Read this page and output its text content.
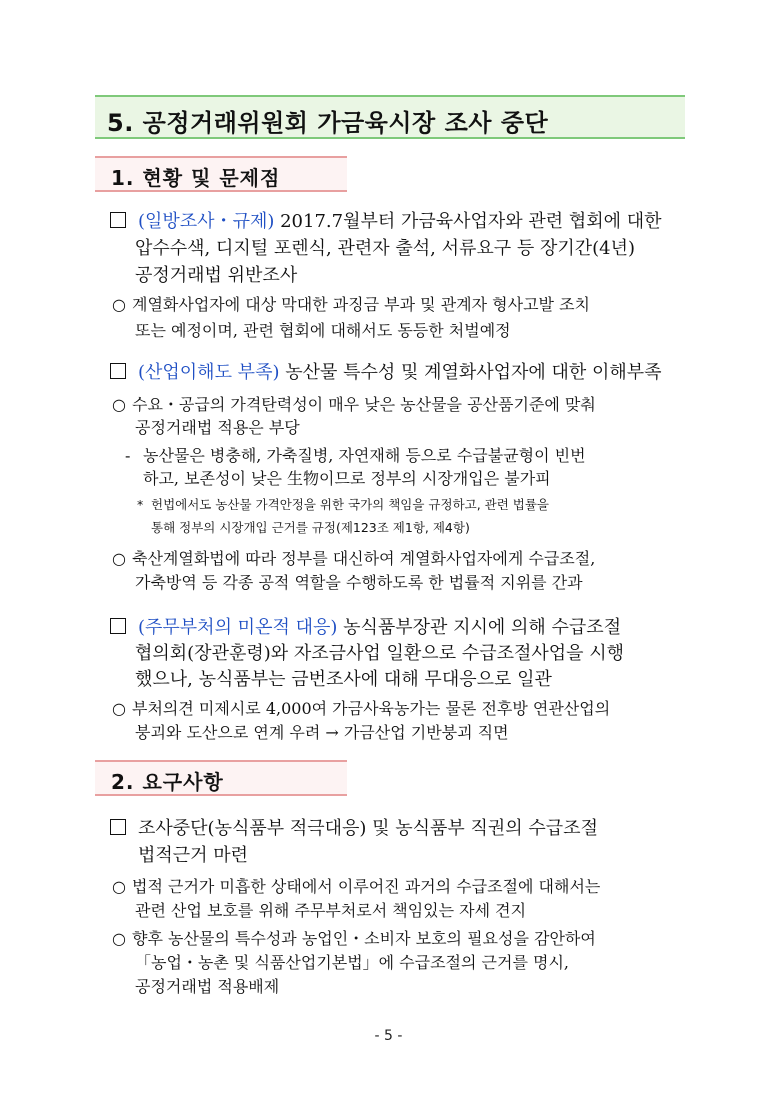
5. 공정거래위원회 가금육시장 조사 중단
1. 현황 및 문제점
(일방조사・규제) 2017.7월부터 가금육사업자와 관련 협회에 대한
압수수색, 디지털 포렌식, 관련자 출석, 서류요구 등 장기간(4년)
공정거래법 위반조사
○ 계열화사업자에 대상 막대한 과징금 부과 및 관계자 형사고발 조치
또는 예정이며, 관련 협회에 대해서도 동등한 처벌예정
(산업이해도 부족) 농산물 특수성 및 계열화사업자에 대한 이해부족
○ 수요・공급의 가격탄력성이 매우 낮은 농산물을 공산품기준에 맞춰
공정거래법 적용은 부당
- 농산물은 병충해, 가축질병, 자연재해 등으로 수급불균형이 빈번
하고, 보존성이 낮은 生物이므로 정부의 시장개입은 불가피
* 헌법에서도 농산물 가격안정을 위한 국가의 책임을 규정하고, 관련 법률을
통해 정부의 시장개입 근거를 규정(제123조 제1항, 제4항)
○ 축산계열화법에 따라 정부를 대신하여 계열화사업자에게 수급조절,
가축방역 등 각종 공적 역할을 수행하도록 한 법률적 지위를 간과
(주무부처의 미온적 대응) 농식품부장관 지시에 의해 수급조절
협의회(장관훈령)와 자조금사업 일환으로 수급조절사업을 시행
했으나, 농식품부는 금번조사에 대해 무대응으로 일관
○ 부처의견 미제시로 4,000여 가금사육농가는 물론 전후방 연관산업의
붕괴와 도산으로 연계 우려 → 가금산업 기반붕괴 직면
2. 요구사항
조사중단(농식품부 적극대응) 및 농식품부 직권의 수급조절
법적근거 마련
○ 법적 근거가 미흡한 상태에서 이루어진 과거의 수급조절에 대해서는
관련 산업 보호를 위해 주무부처로서 책임있는 자세 견지
○ 향후 농산물의 특수성과 농업인・소비자 보호의 필요성을 감안하여
「농업・농촌 및 식품산업기본법」에 수급조절의 근거를 명시,
공정거래법 적용배제
- 5 -
